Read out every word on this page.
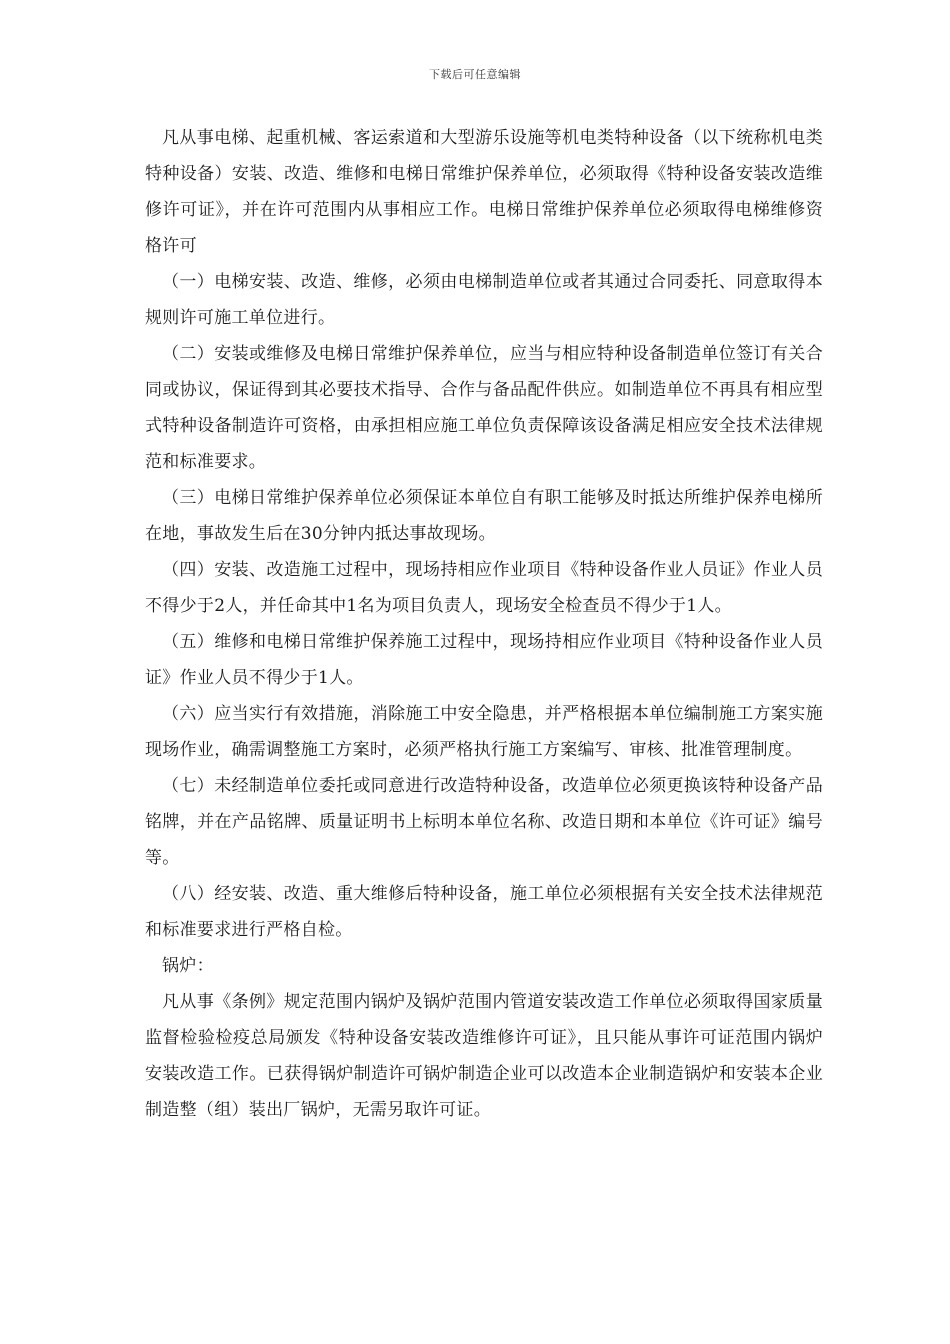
下载后可任意编辑

凡从事电梯、起重机械、客运索道和大型游乐设施等机电类特种设备（以下统称机电类特种设备）安装、改造、维修和电梯日常维护保养单位，必须取得《特种设备安装改造维修许可证》，并在许可范围内从事相应工作。电梯日常维护保养单位必须取得电梯维修资格许可

（一）电梯安装、改造、维修，必须由电梯制造单位或者其通过合同委托、同意取得本规则许可施工单位进行。

（二）安装或维修及电梯日常维护保养单位，应当与相应特种设备制造单位签订有关合同或协议，保证得到其必要技术指导、合作与备品配件供应。如制造单位不再具有相应型式特种设备制造许可资格，由承担相应施工单位负责保障该设备满足相应安全技术法律规范和标准要求。

（三）电梯日常维护保养单位必须保证本单位自有职工能够及时抵达所维护保养电梯所在地，事故发生后在30分钟内抵达事故现场。

（四）安装、改造施工过程中，现场持相应作业项目《特种设备作业人员证》作业人员不得少于2人，并任命其中1名为项目负责人，现场安全检查员不得少于1人。

（五）维修和电梯日常维护保养施工过程中，现场持相应作业项目《特种设备作业人员证》作业人员不得少于1人。

（六）应当实行有效措施，消除施工中安全隐患，并严格根据本单位编制施工方案实施现场作业，确需调整施工方案时，必须严格执行施工方案编写、审核、批准管理制度。

（七）未经制造单位委托或同意进行改造特种设备，改造单位必须更换该特种设备产品铭牌，并在产品铭牌、质量证明书上标明本单位名称、改造日期和本单位《许可证》编号等。

（八）经安装、改造、重大维修后特种设备，施工单位必须根据有关安全技术法律规范和标准要求进行严格自检。

锅炉：

凡从事《条例》规定范围内锅炉及锅炉范围内管道安装改造工作单位必须取得国家质量监督检验检疫总局颁发《特种设备安装改造维修许可证》，且只能从事许可证范围内锅炉安装改造工作。已获得锅炉制造许可锅炉制造企业可以改造本企业制造锅炉和安装本企业制造整（组）装出厂锅炉，无需另取许可证。
